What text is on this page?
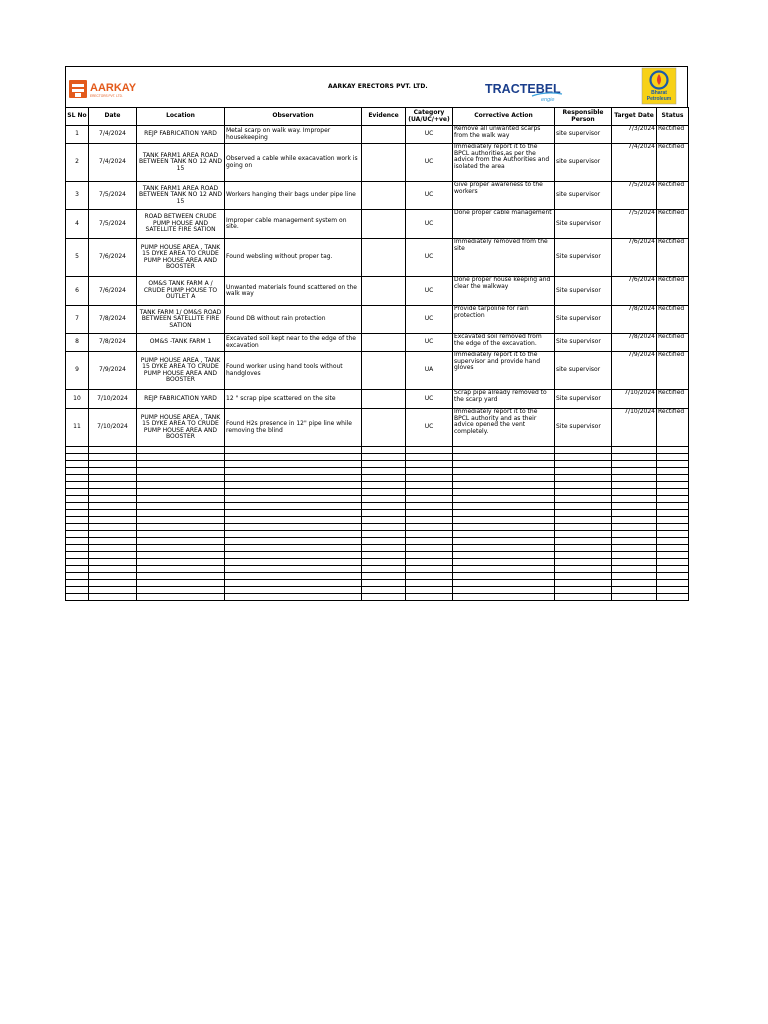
AARKAY
ERECTORS PVT. LTD.
AARKAY ERECTORS PVT. LTD.	TRACTEBEL
engie
Bharat
Petroleum
SL No	Date	Location	Observation	Evidence	Category (UA/UC/+ve)	Corrective Action	Responsible Person	Target Date	Status
1	7/4/2024	REJP FABRICATION YARD	Metal scarp on walk way. Improper housekeeping		UC	Remove all unwanted scarps from the walk way	site supervisor	7/3/2024	Rectified
2	7/4/2024	TANK FARM1 AREA ROAD BETWEEN TANK NO 12 AND 15	Observed a cable while exacavation work is going on		UC	Immediately report it to the BPCL authorities,as per the advice from the Authorities and isolated the area	site supervisor	7/4/2024	Rectified
3	7/5/2024	TANK FARM1 AREA ROAD BETWEEN TANK NO 12 AND 15	Workers hanging their bags under pipe line		UC	Give proper awareness to the workers	site supervisor	7/5/2024	Rectified
4	7/5/2024	ROAD BETWEEN CRUDE PUMP HOUSE AND SATELLITE FIRE SATION	Improper cable management system on site.		UC	Done proper cable management	Site supervisor	7/5/2024	Rectified
5	7/6/2024	PUMP HOUSE AREA , TANK 15 DYKE AREA TO CRUDE PUMP HOUSE AREA AND BOOSTER	Found websling without proper tag.		UC	Immediately removed from the site	Site supervisor	7/6/2024	Rectified
6	7/6/2024	OM&S TANK FARM A / CRUDE PUMP HOUSE TO OUTLET A	Unwanted materials found scattered on the walk way		UC	Done proper house keeping and clear the walkway	Site supervisor	7/6/2024	Rectified
7	7/8/2024	TANK FARM 1/ OM&S ROAD BETWEEN SATELLITE FIRE SATION	Found DB without rain protection		UC	Provide tarpoline for rain protection	Site supervisor	7/8/2024	Rectified
8	7/8/2024	OM&S -TANK FARM 1	Excavated soil kept near to the edge of the excavation		UC	Excavated soil removed from the edge of the excavation.	Site supervisor	7/8/2024	Rectified
9	7/9/2024	PUMP HOUSE AREA , TANK 15 DYKE AREA TO CRUDE PUMP HOUSE AREA AND BOOSTER	Found worker using hand tools without handgloves		UA	Immediately report it to the supervisor and provide hand gloves	site supervisor	7/9/2024	Rectified
10	7/10/2024	REJP FABRICATION YARD	12 " scrap pipe scattered on the site		UC	Scrap pipe already removed to the scarp yard	Site supervisor	7/10/2024	Rectified
11	7/10/2024	PUMP HOUSE AREA , TANK 15 DYKE AREA TO CRUDE PUMP HOUSE AREA AND BOOSTER	Found H2s presence in 12" pipe line while removing the blind		UC	Immediately report it to the BPCL authority and as their advice opened the vent completely.	Site supervisor	7/10/2024	Rectified
